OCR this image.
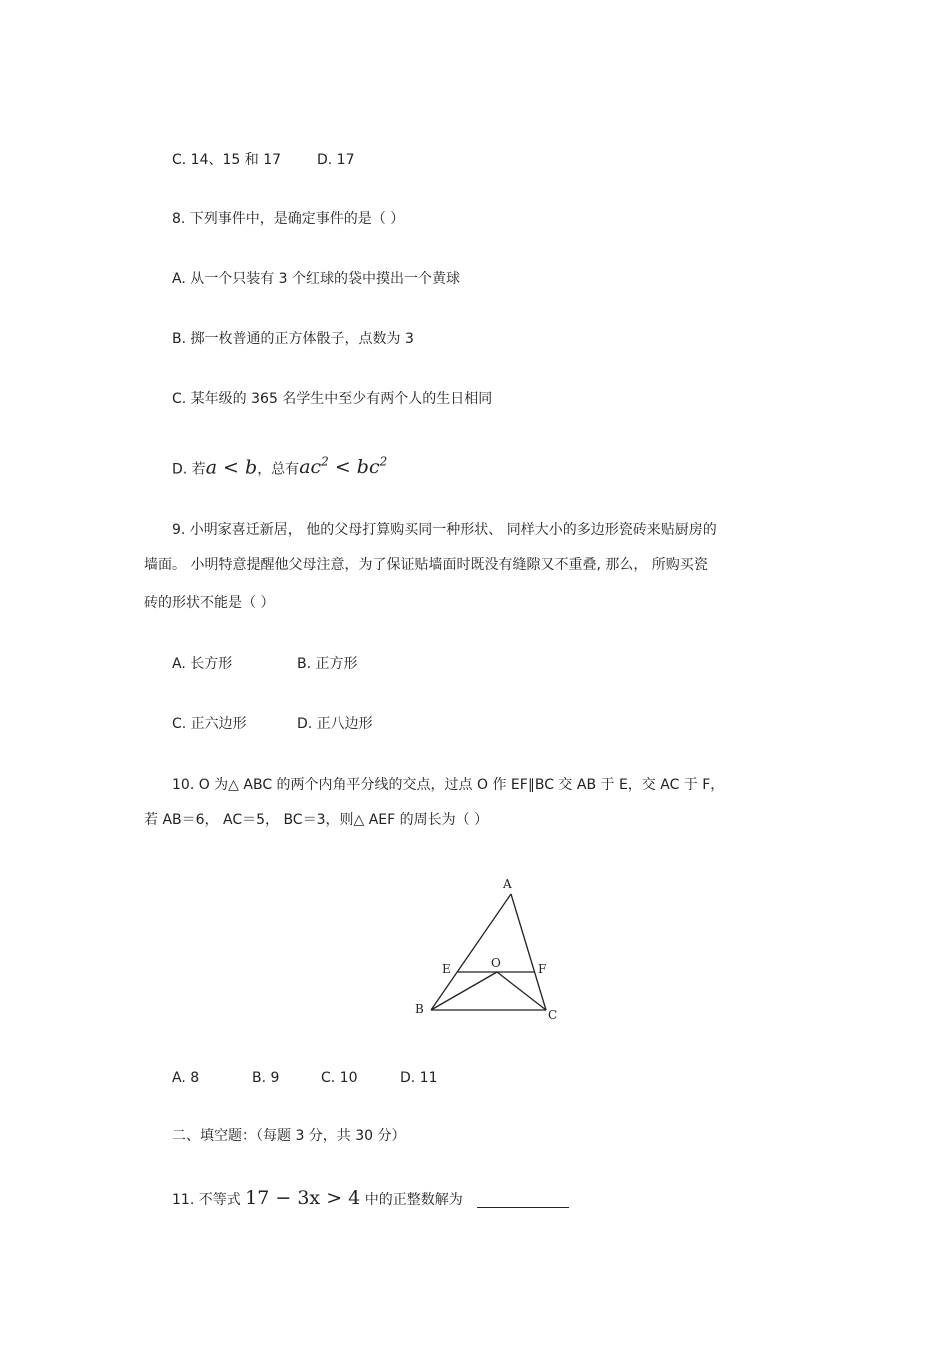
C. 14、15 和 17	D. 17
8. 下列事件中，是确定事件的是（ ）
A. 从一个只装有 3 个红球的袋中摸出一个黄球
B. 掷一枚普通的正方体骰子，点数为 3
C. 某年级的 365 名学生中至少有两个人的生日相同
D. 若a < b，总有$ac^2 < bc^2$
9. 小明家喜迁新居， 他的父母打算购买同一种形状、 同样大小的多边形瓷砖来贴厨房的
墙面。 小明特意提醒他父母注意，为了保证贴墙面时既没有缝隙又不重叠, 那么， 所购买瓷
砖的形状不能是（ ）
A. 长方形	B. 正方形
C. 正六边形	D. 正八边形
10. O 为△ ABC 的两个内角平分线的交点，过点 O 作 EF∥BC 交 AB 于 E，交 AC 于 F，
若 AB＝6， AC＝5， BC＝3，则△ AEF 的周长为（ ）
A
E	O	F
B	C
A. 8	B. 9	C. 10	D. 11
二、填空题：（每题 3 分，共 30 分）
11. 不等式 17 − 3x > 4 中的正整数解为
